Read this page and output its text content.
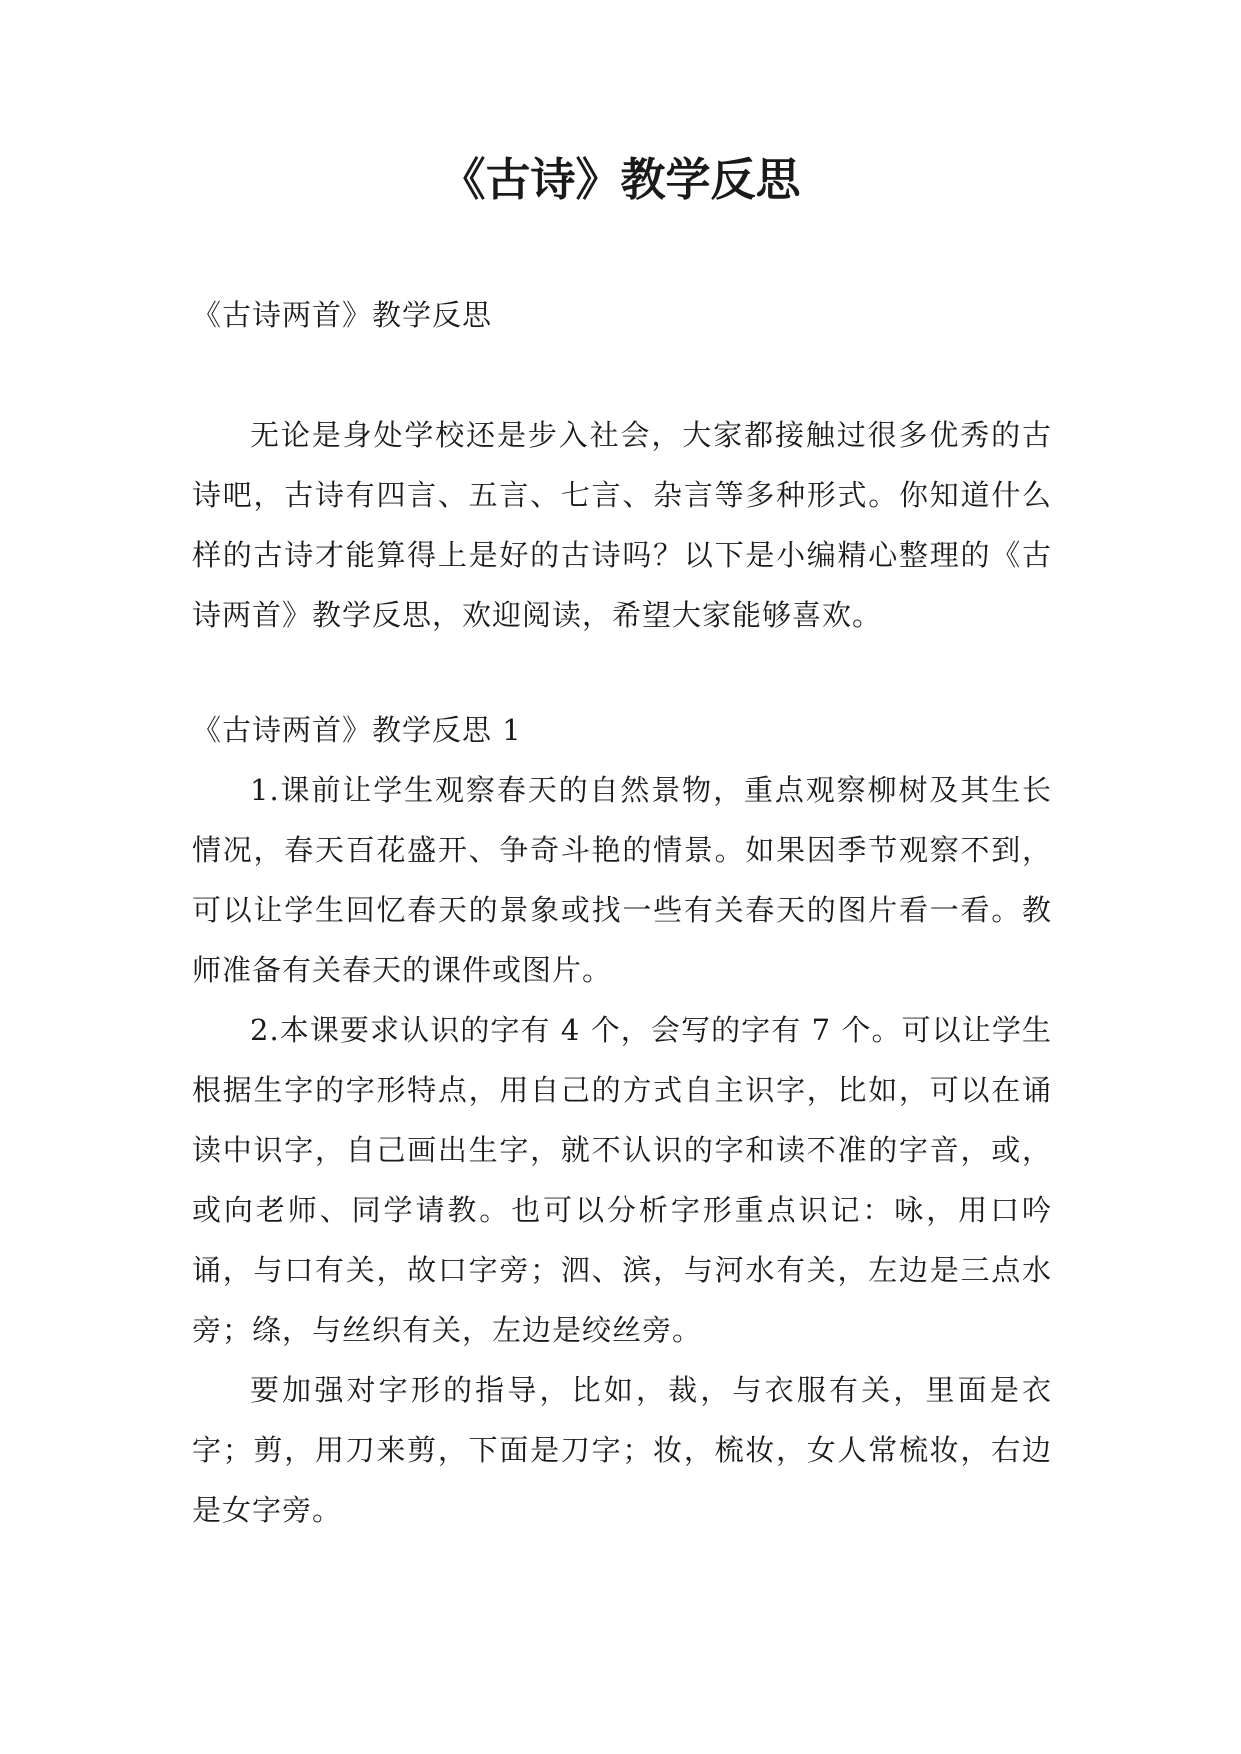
《古诗》教学反思

《古诗两首》教学反思

无论是身处学校还是步入社会，大家都接触过很多优秀的古诗吧，古诗有四言、五言、七言、杂言等多种形式。你知道什么样的古诗才能算得上是好的古诗吗？以下是小编精心整理的《古诗两首》教学反思，欢迎阅读，希望大家能够喜欢。

《古诗两首》教学反思 1

1.课前让学生观察春天的自然景物，重点观察柳树及其生长情况，春天百花盛开、争奇斗艳的情景。如果因季节观察不到，可以让学生回忆春天的景象或找一些有关春天的图片看一看。教师准备有关春天的课件或图片。

2.本课要求认识的字有 4 个，会写的字有 7 个。可以让学生根据生字的字形特点，用自己的方式自主识字，比如，可以在诵读中识字，自己画出生字，就不认识的字和读不准的字音，或，或向老师、同学请教。也可以分析字形重点识记：咏，用口吟诵，与口有关，故口字旁；泗、滨，与河水有关，左边是三点水旁；绦，与丝织有关，左边是绞丝旁。

要加强对字形的指导，比如，裁，与衣服有关，里面是衣字；剪，用刀来剪，下面是刀字；妆，梳妆，女人常梳妆，右边是女字旁。
